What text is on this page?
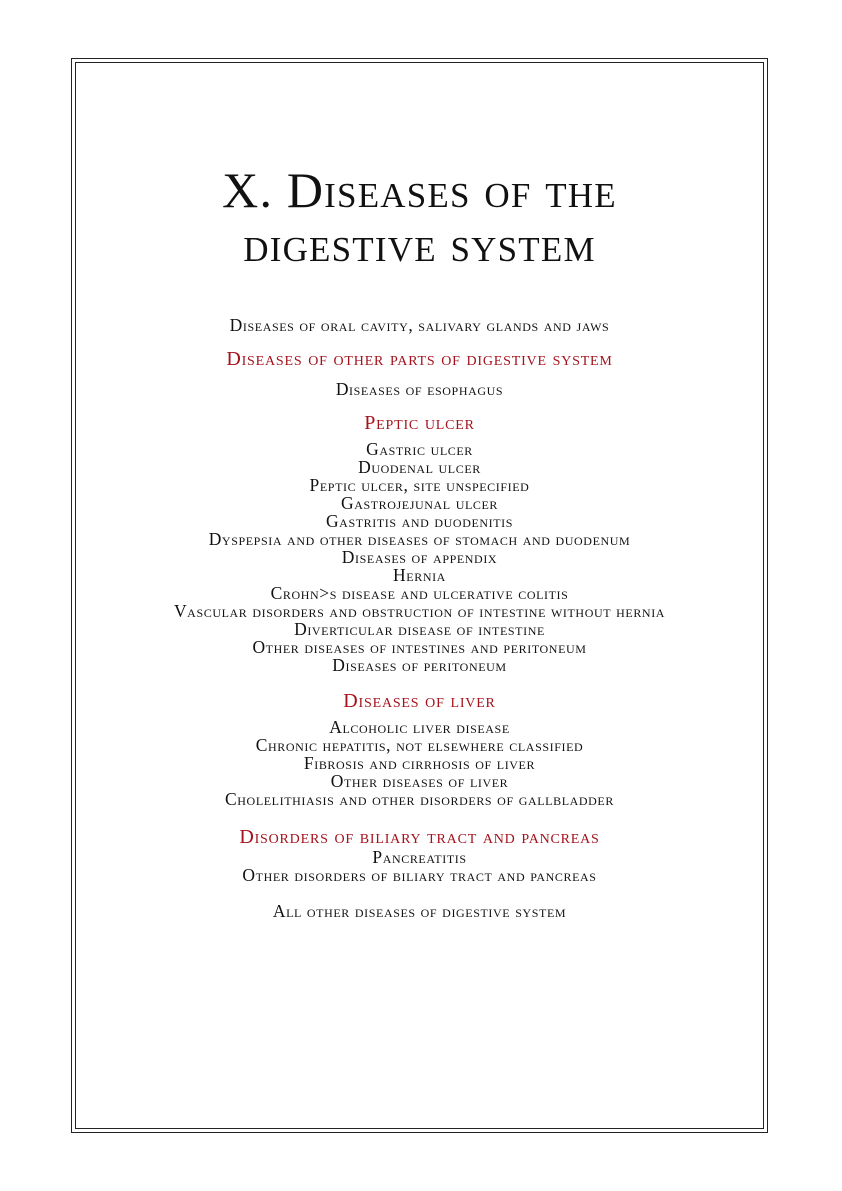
X. Diseases of the
digestive system
Diseases of oral cavity, salivary glands and jaws
Diseases of other parts of digestive system
Diseases of esophagus
Peptic ulcer
Gastric ulcer
Duodenal ulcer
Peptic ulcer, site unspecified
Gastrojejunal ulcer
Gastritis and duodenitis
Dyspepsia and other diseases of stomach and duodenum
Diseases of appendix
Hernia
Crohn>s disease and ulcerative colitis
Vascular disorders and obstruction of intestine without hernia
Diverticular disease of intestine
Other diseases of intestines and peritoneum
Diseases of peritoneum
Diseases of liver
Alcoholic liver disease
Chronic hepatitis, not elsewhere classified
Fibrosis and cirrhosis of liver
Other diseases of liver
Cholelithiasis and other disorders of gallbladder
Disorders of biliary tract and pancreas
Pancreatitis
Other disorders of biliary tract and pancreas
All other diseases of digestive system
